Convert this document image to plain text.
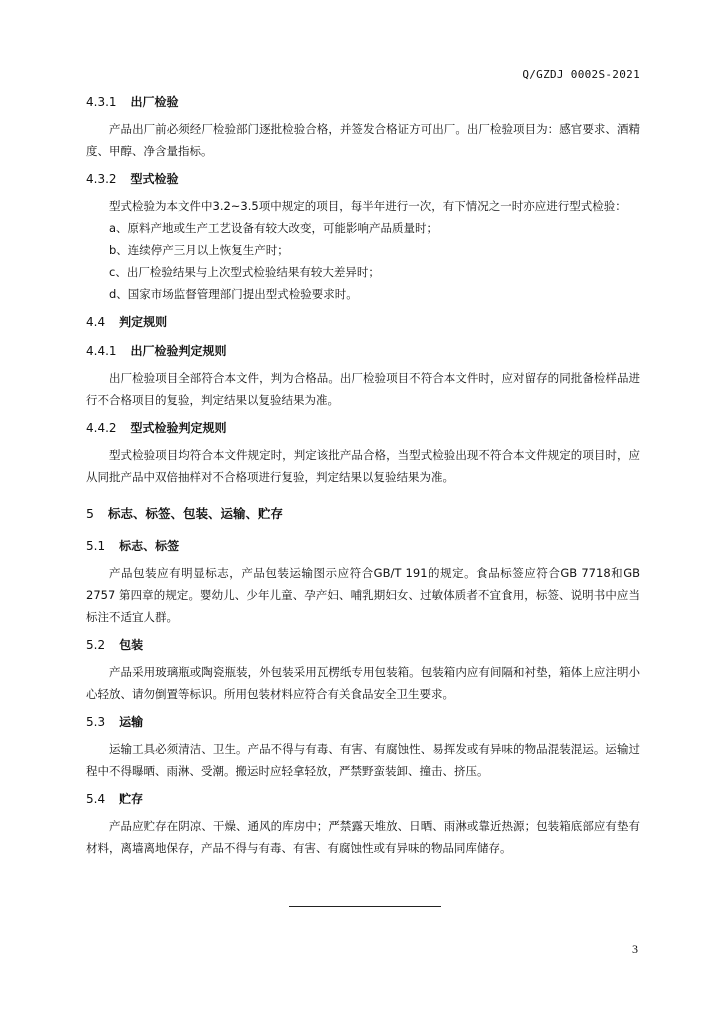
Q/GZDJ 0002S-2021
4.3.1 出厂检验

产品出厂前必须经厂检验部门逐批检验合格，并签发合格证方可出厂。出厂检验项目为：感官要求、酒精度、甲醇、净含量指标。

4.3.2 型式检验

型式检验为本文件中3.2~3.5项中规定的项目，每半年进行一次，有下情况之一时亦应进行型式检验：

a、原料产地或生产工艺设备有较大改变，可能影响产品质量时；

b、连续停产三月以上恢复生产时；

c、出厂检验结果与上次型式检验结果有较大差异时；

d、国家市场监督管理部门提出型式检验要求时。

4.4 判定规则
4.4.1 出厂检验判定规则

出厂检验项目全部符合本文件，判为合格品。出厂检验项目不符合本文件时，应对留存的同批备检样品进行不合格项目的复验，判定结果以复验结果为准。

4.4.2 型式检验判定规则

型式检验项目均符合本文件规定时，判定该批产品合格，当型式检验出现不符合本文件规定的项目时，应从同批产品中双倍抽样对不合格项进行复验，判定结果以复验结果为准。

5 标志、标签、包装、运输、贮存
5.1 标志、标签

产品包装应有明显标志，产品包装运输图示应符合GB/T 191的规定。食品标签应符合GB 7718和GB 2757 第四章的规定。婴幼儿、少年儿童、孕产妇、哺乳期妇女、过敏体质者不宜食用，标签、说明书中应当标注不适宜人群。

5.2 包装

产品采用玻璃瓶或陶瓷瓶装，外包装采用瓦楞纸专用包装箱。包装箱内应有间隔和衬垫，箱体上应注明小心轻放、请勿倒置等标识。所用包装材料应符合有关食品安全卫生要求。

5.3 运输

运输工具必须清洁、卫生。产品不得与有毒、有害、有腐蚀性、易挥发或有异味的物品混装混运。运输过程中不得曝晒、雨淋、受潮。搬运时应轻拿轻放，严禁野蛮装卸、撞击、挤压。

5.4 贮存

产品应贮存在阴凉、干燥、通风的库房中；严禁露天堆放、日晒、雨淋或靠近热源；包装箱底部应有垫有材料，离墙离地保存，产品不得与有毒、有害、有腐蚀性或有异味的物品同库储存。

3
